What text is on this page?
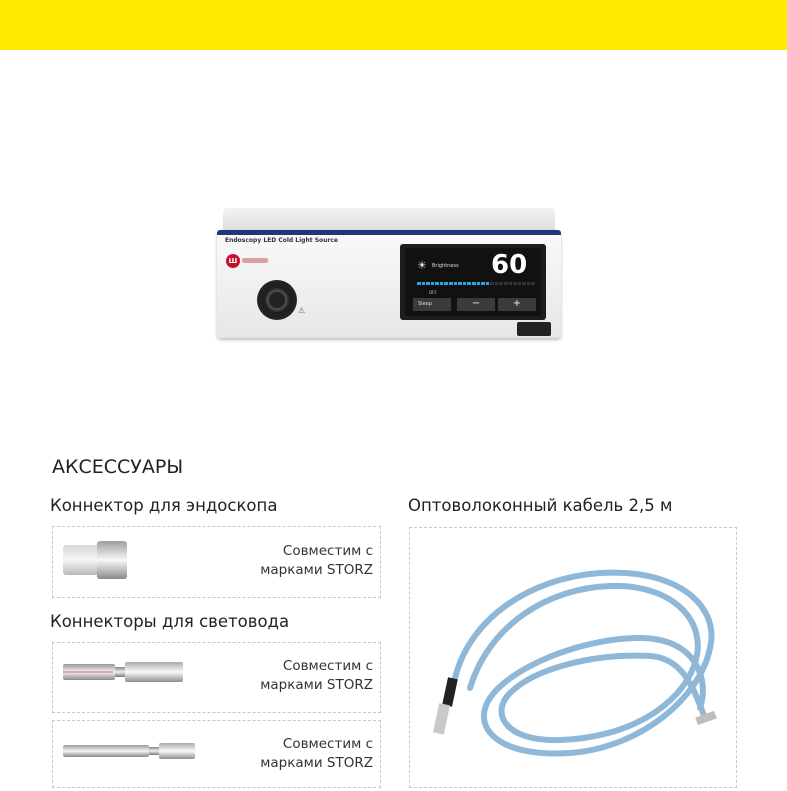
Endoscopy LED Cold Light Source
Ш
⚠
☀ Brightness 60
OFF
Sleep	−	+
АКСЕССУАРЫ
Коннектор для эндоскопа	Оптоволоконный кабель 2,5 м
Коннекторы для световода
Совместим с
марками STORZ
Совместим с
марками STORZ
Совместим с
марками STORZ
